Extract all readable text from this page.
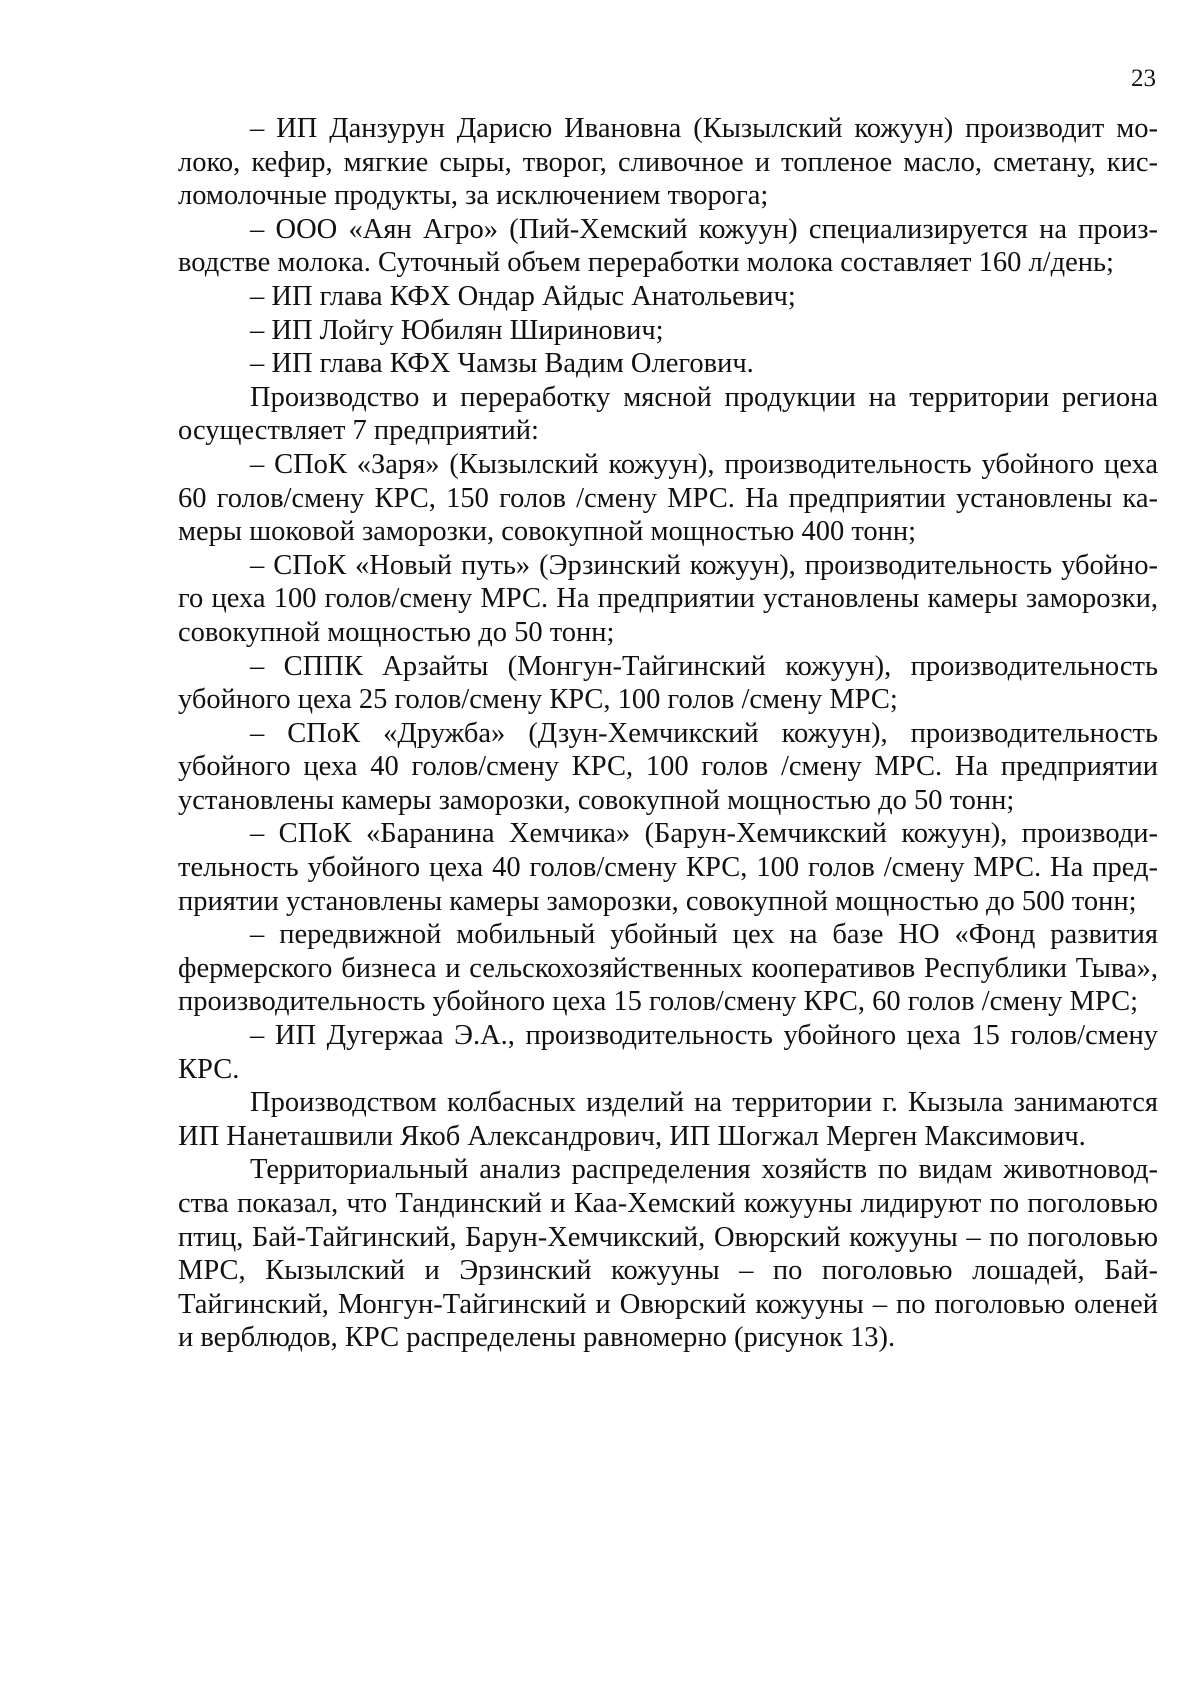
23

– ИП Данзурун Дарисю Ивановна (Кызылский кожуун) производит молоко, кефир, мягкие сыры, творог, сливочное и топленое масло, сметану, кисломолочные продукты, за исключением творога;

– ООО «Аян Агро» (Пий-Хемский кожуун) специализируется на производстве молока. Суточный объем переработки молока составляет 160 л/день;

– ИП глава КФХ Ондар Айдыс Анатольевич;

– ИП Лойгу Юбилян Ширинович;

– ИП глава КФХ Чамзы Вадим Олегович.

Производство и переработку мясной продукции на территории региона осуществляет 7 предприятий:

– СПоК «Заря» (Кызылский кожуун), производительность убойного цеха 60 голов/смену КРС, 150 голов /смену МРС. На предприятии установлены камеры шоковой заморозки, совокупной мощностью 400 тонн;

– СПоК «Новый путь» (Эрзинский кожуун), производительность убойного цеха 100 голов/смену МРС. На предприятии установлены камеры заморозки, совокупной мощностью до 50 тонн;

– СППК Арзайты (Монгун-Тайгинский кожуун), производительность убойного цеха 25 голов/смену КРС, 100 голов /смену МРС;

– СПоК «Дружба» (Дзун-Хемчикский кожуун), производительность убойного цеха 40 голов/смену КРС, 100 голов /смену МРС. На предприятии установлены камеры заморозки, совокупной мощностью до 50 тонн;

– СПоК «Баранина Хемчика» (Барун-Хемчикский кожуун), производительность убойного цеха 40 голов/смену КРС, 100 голов /смену МРС. На предприятии установлены камеры заморозки, совокупной мощностью до 500 тонн;

– передвижной мобильный убойный цех на базе НО «Фонд развития фермерского бизнеса и сельскохозяйственных кооперативов Республики Тыва», производительность убойного цеха 15 голов/смену КРС, 60 голов /смену МРС;

– ИП Дугержаа Э.А., производительность убойного цеха 15 голов/смену КРС.

Производством колбасных изделий на территории г. Кызыла занимаются ИП Нанеташвили Якоб Александрович, ИП Шогжал Мерген Максимович.

Территориальный анализ распределения хозяйств по видам животноводства показал, что Тандинский и Каа-Хемский кожууны лидируют по поголовью птиц, Бай-Тайгинский, Барун-Хемчикский, Овюрский кожууны – по поголовью МРС, Кызылский и Эрзинский кожууны – по поголовью лошадей, Бай-Тайгинский, Монгун-Тайгинский и Овюрский кожууны – по поголовью оленей и верблюдов, КРС распределены равномерно (рисунок 13).
